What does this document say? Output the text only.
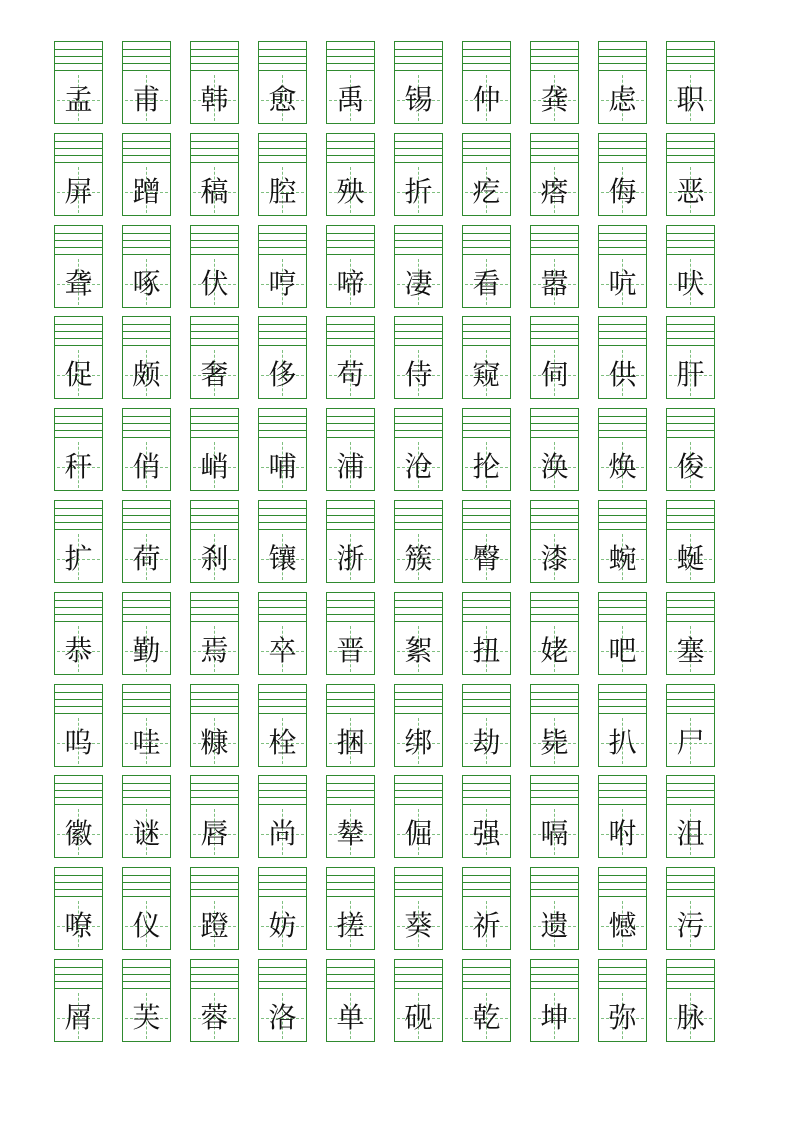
孟	甫	韩	愈	禹	锡	仲	龚	虑	职
屏	蹭	稿	腔	殃	折	疙	瘩	侮	恶
聋	啄	伏	哼	啼	凄	看	嚣	吭	吠
促	颇	奢	侈	苟	侍	窥	伺	供	肝
秆	俏	峭	哺	浦	沧	抡	涣	焕	俊
扩	荷	刹	镶	浙	簇	臀	漆	蜿	蜒
恭	勤	焉	卒	晋	絮	扭	姥	吧	塞
呜	哇	糠	栓	捆	绑	劫	毙	扒	尸
徽	谜	唇	尚	辇	倔	强	嗝	咐	沮
嘹	仪	蹬	妨	搓	葵	祈	遗	憾	污
屑	芙	蓉	洛	单	砚	乾	坤	弥	脉
